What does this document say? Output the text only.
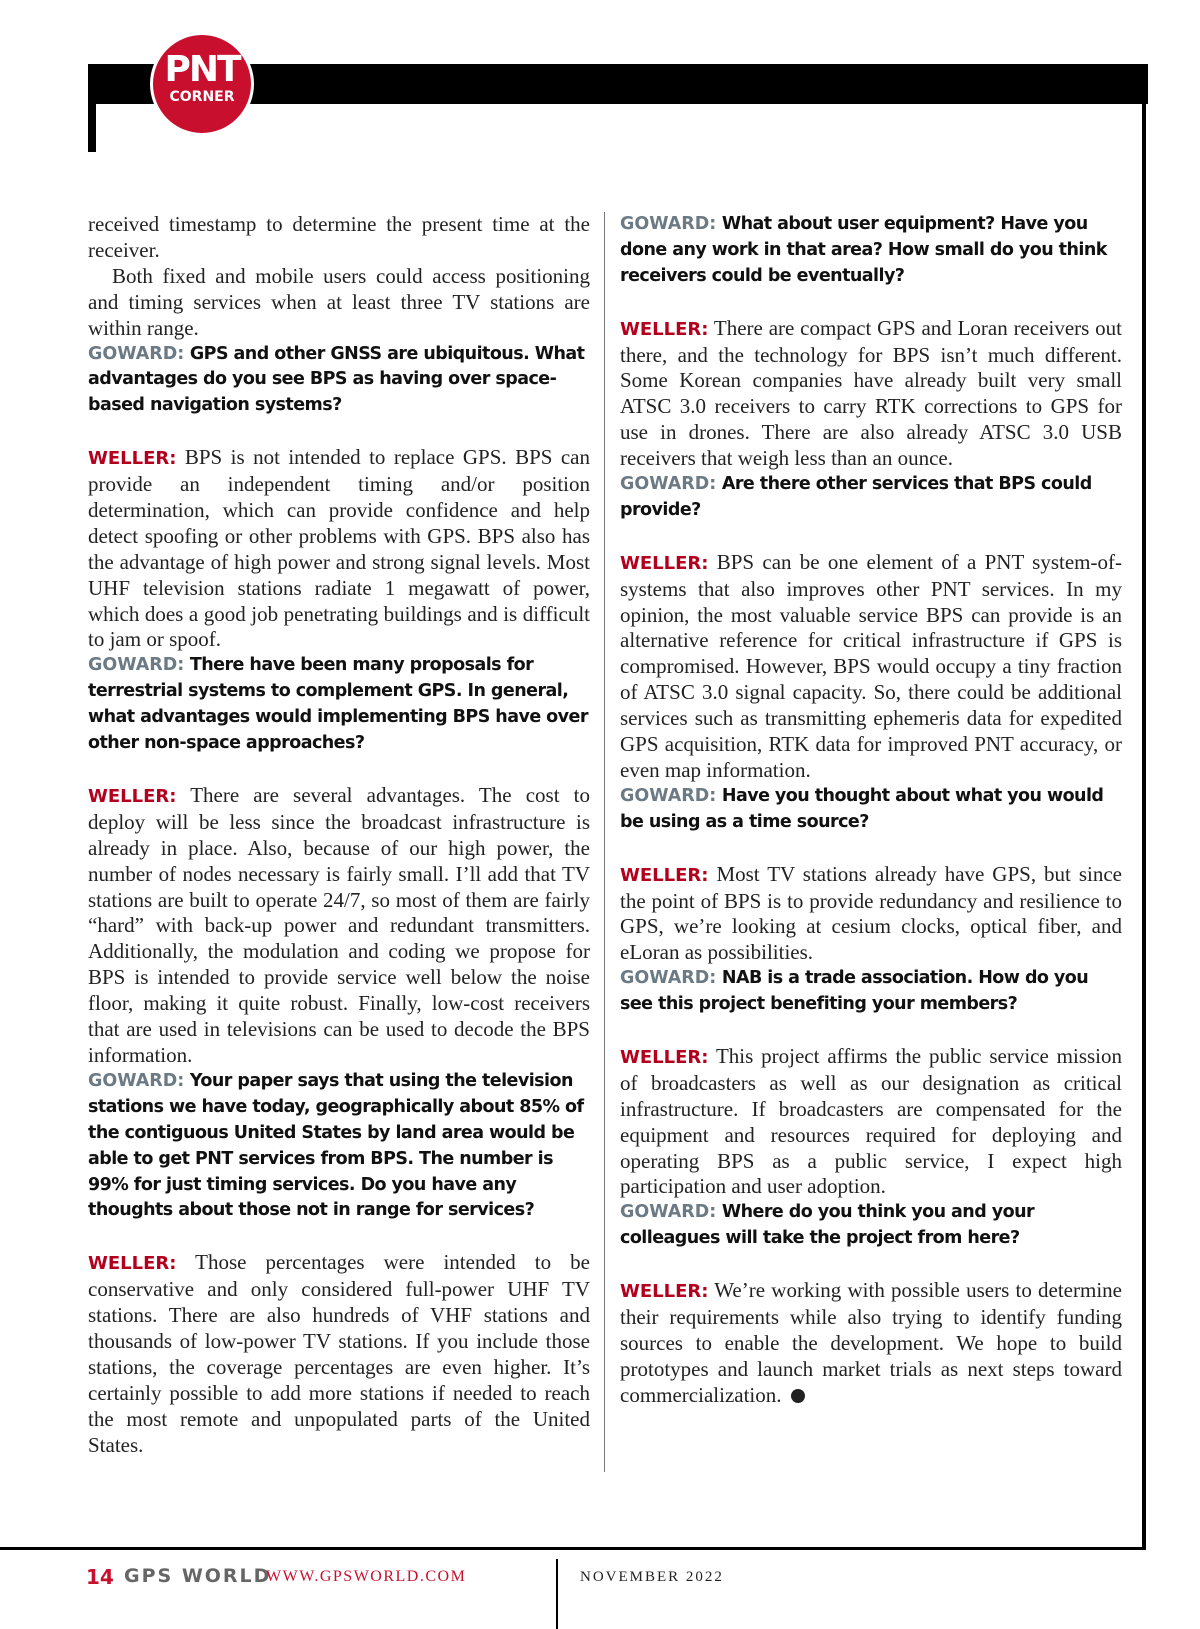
PNT
CORNER

received timestamp to determine the present time at the receiver.

Both fixed and mobile users could access positioning and timing services when at least three TV stations are within range.

GOWARD: GPS and other GNSS are ubiquitous. What advantages do you see BPS as having over space-based navigation systems?

WELLER: BPS is not intended to replace GPS. BPS can provide an independent timing and/or position determination, which can provide confidence and help detect spoofing or other problems with GPS. BPS also has the advantage of high power and strong signal levels. Most UHF television stations radiate 1 megawatt of power, which does a good job penetrating buildings and is difficult to jam or spoof.

GOWARD: There have been many proposals for terrestrial systems to complement GPS. In general, what advantages would implementing BPS have over other non-space approaches?

WELLER: There are several advantages. The cost to deploy will be less since the broadcast infrastructure is already in place. Also, because of our high power, the number of nodes necessary is fairly small. I’ll add that TV stations are built to operate 24/7, so most of them are fairly “hard” with back-up power and redundant transmitters. Additionally, the modulation and coding we propose for BPS is intended to provide service well below the noise floor, making it quite robust. Finally, low-cost receivers that are used in televisions can be used to decode the BPS information.

GOWARD: Your paper says that using the television stations we have today, geographically about 85% of the contiguous United States by land area would be able to get PNT services from BPS. The number is 99% for just timing services. Do you have any thoughts about those not in range for services?

WELLER: Those percentages were intended to be conservative and only considered full-power UHF TV stations. There are also hundreds of VHF stations and thousands of low-power TV stations. If you include those stations, the coverage percentages are even higher. It’s certainly possible to add more stations if needed to reach the most remote and unpopulated parts of the United States.

GOWARD: What about user equipment? Have you done any work in that area? How small do you think receivers could be eventually?

WELLER: There are compact GPS and Loran receivers out there, and the technology for BPS isn’t much different. Some Korean companies have already built very small ATSC 3.0 receivers to carry RTK corrections to GPS for use in drones. There are also already ATSC 3.0 USB receivers that weigh less than an ounce.

GOWARD: Are there other services that BPS could provide?

WELLER: BPS can be one element of a PNT system-of-systems that also improves other PNT services. In my opinion, the most valuable service BPS can provide is an alternative reference for critical infrastructure if GPS is compromised. However, BPS would occupy a tiny fraction of ATSC 3.0 signal capacity. So, there could be additional services such as transmitting ephemeris data for expedited GPS acquisition, RTK data for improved PNT accuracy, or even map information.

GOWARD: Have you thought about what you would be using as a time source?

WELLER: Most TV stations already have GPS, but since the point of BPS is to provide redundancy and resilience to GPS, we’re looking at cesium clocks, optical fiber, and eLoran as possibilities.

GOWARD: NAB is a trade association. How do you see this project benefiting your members?

WELLER: This project affirms the public service mission of broadcasters as well as our designation as critical infrastructure. If broadcasters are compensated for the equipment and resources required for deploying and operating BPS as a public service, I expect high participation and user adoption.

GOWARD: Where do you think you and your colleagues will take the project from here?

WELLER: We’re working with possible users to determine their requirements while also trying to identify funding sources to enable the development. We hope to build prototypes and launch market trials as next steps toward commercialization.

14 GPS WORLD
WWW.GPSWORLD.COM	NOVEMBER 2022
